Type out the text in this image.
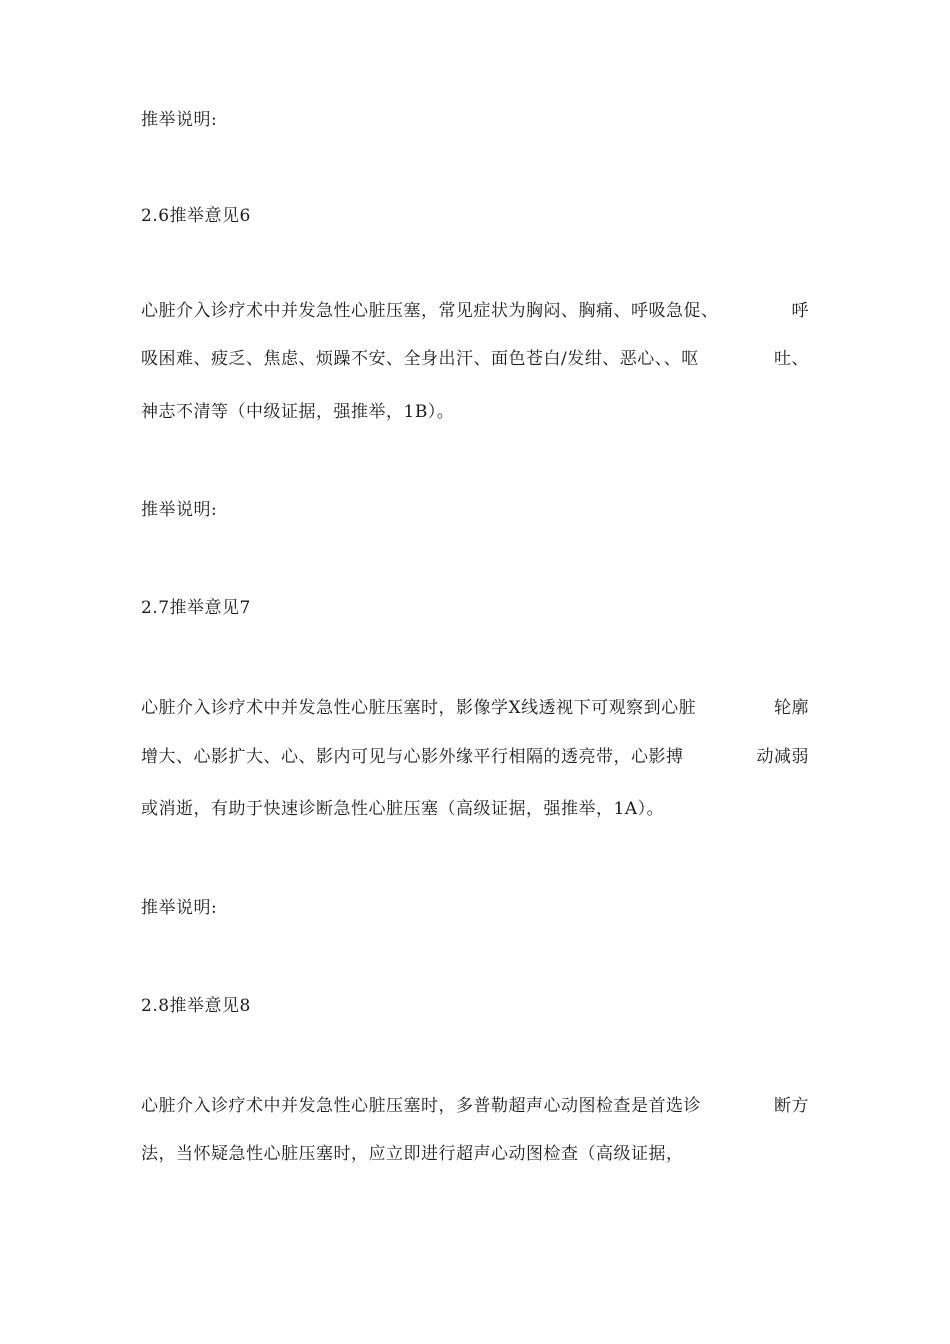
推举说明:
2.6推举意见6
心脏介入诊疗术中并发急性心脏压塞，常见症状为胸闷、胸痛、呼吸急促、	呼
吸困难、疲乏、焦虑、烦躁不安、全身出汗、面色苍白/发绀、恶心、、呕	吐、
神志不清等（中级证据，强推举，1B）。
推举说明:
2.7推举意见7
心脏介入诊疗术中并发急性心脏压塞时，影像学X线透视下可观察到心脏	轮廓
增大、心影扩大、心、影内可见与心影外缘平行相隔的透亮带，心影搏	动减弱
或消逝，有助于快速诊断急性心脏压塞（高级证据，强推举，1A）。
推举说明:
2.8推举意见8
心脏介入诊疗术中并发急性心脏压塞时，多普勒超声心动图检查是首选诊	断方
法，当怀疑急性心脏压塞时，应立即进行超声心动图检查（高级证据，
